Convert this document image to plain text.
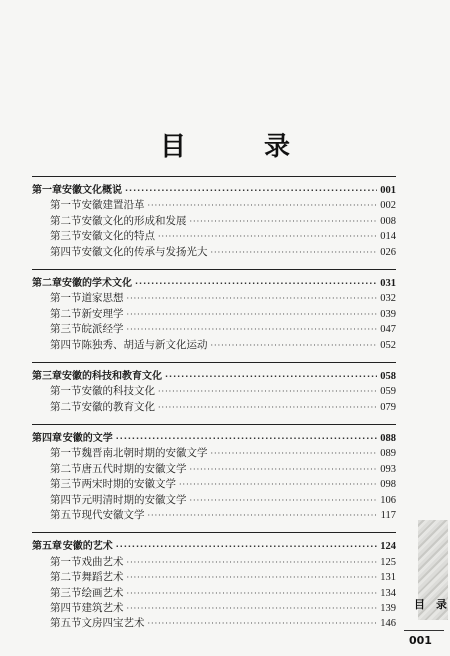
目　录
第一章 安徽文化概说 ·····	001
第一节 安徽建置沿革 ·····	002
第二节 安徽文化的形成和发展 ·····	008
第三节 安徽文化的特点 ·····	014
第四节 安徽文化的传承与发扬光大 ·····	026
第二章 安徽的学术文化 ·····	031
第一节 道家思想 ·····	032
第二节 新安理学 ·····	039
第三节 皖派经学 ·····	047
第四节 陈独秀、胡适与新文化运动 ·····	052
第三章 安徽的科技和教育文化 ·····	058
第一节 安徽的科技文化 ·····	059
第二节 安徽的教育文化 ·····	079
第四章 安徽的文学 ·····	088
第一节 魏晋南北朝时期的安徽文学 ·····	089
第二节 唐五代时期的安徽文学 ·····	093
第三节 两宋时期的安徽文学 ·····	098
第四节 元明清时期的安徽文学 ·····	106
第五节 现代安徽文学 ·····	117
第五章 安徽的艺术 ·····	124
第一节 戏曲艺术 ·····	125
第二节 舞蹈艺术 ·····	131
第三节 绘画艺术 ·····	134
第四节 建筑艺术 ·····	139
第五节 文房四宝艺术 ·····	146
目　录
001
